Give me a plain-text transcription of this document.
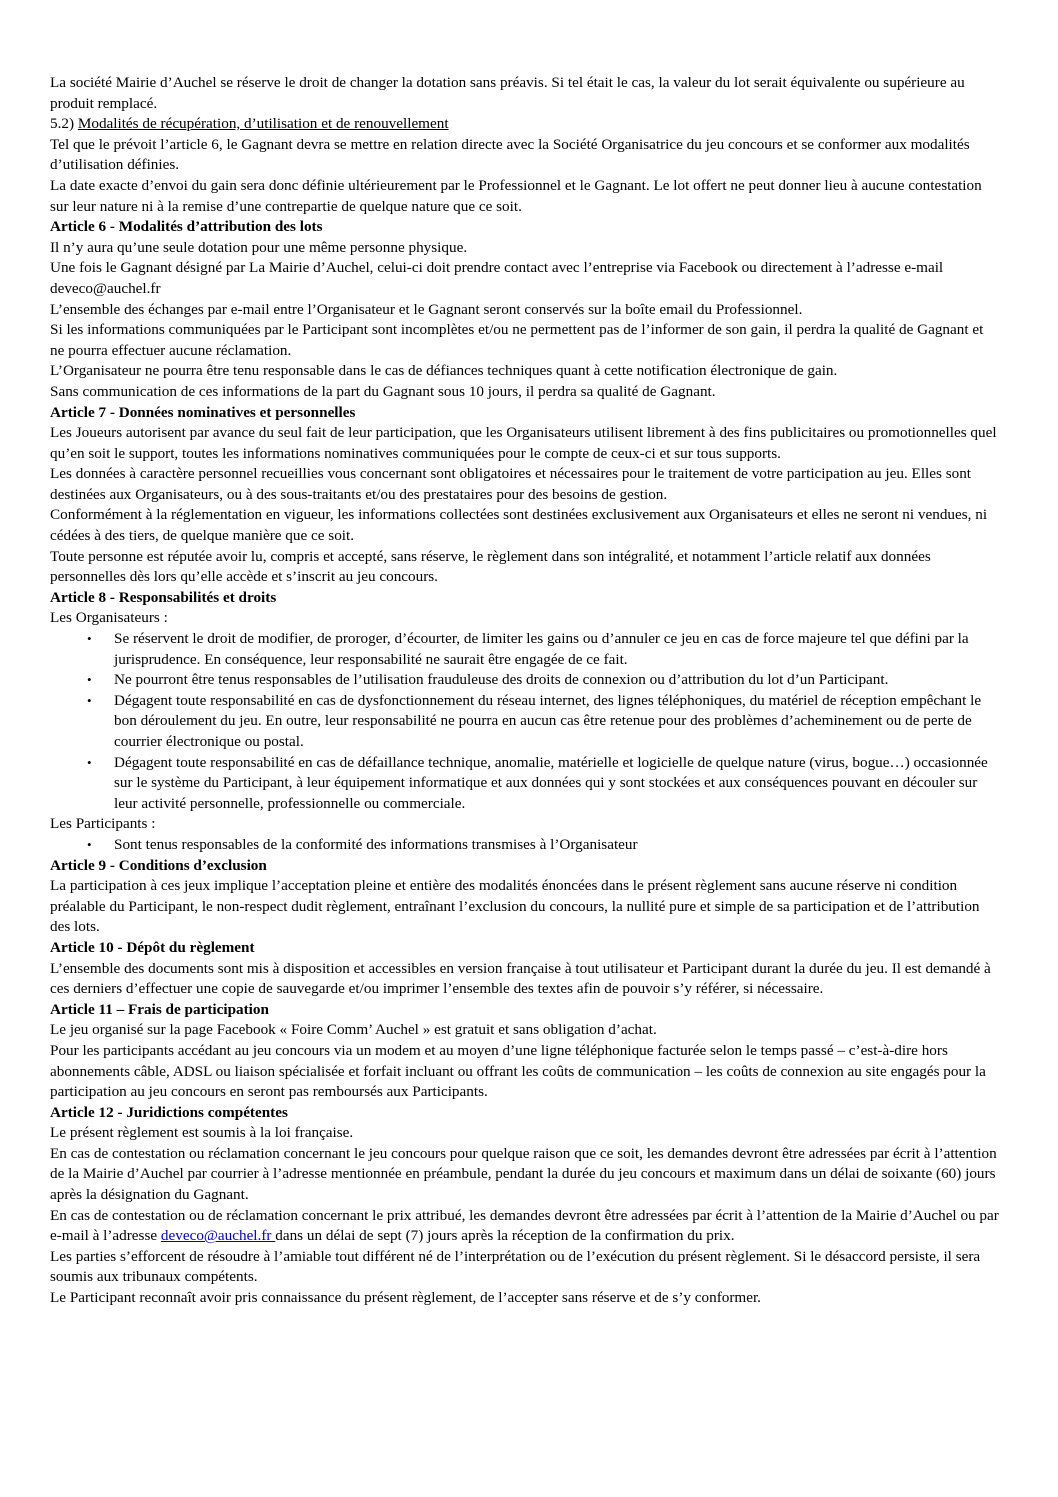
La société Mairie d’Auchel se réserve le droit de changer la dotation sans préavis. Si tel était le cas, la valeur du lot serait équivalente ou supérieure au produit remplacé.

5.2) Modalités de récupération, d’utilisation et de renouvellement

Tel que le prévoit l’article 6, le Gagnant devra se mettre en relation directe avec la Société Organisatrice du jeu concours et se conformer aux modalités d’utilisation définies.

La date exacte d’envoi du gain sera donc définie ultérieurement par le Professionnel et le Gagnant. Le lot offert ne peut donner lieu à aucune contestation sur leur nature ni à la remise d’une contrepartie de quelque nature que ce soit.

Article 6 - Modalités d’attribution des lots

Il n’y aura qu’une seule dotation pour une même personne physique.

Une fois le Gagnant désigné par La Mairie d’Auchel, celui-ci doit prendre contact avec l’entreprise via Facebook ou directement à l’adresse e-mail deveco@auchel.fr

L’ensemble des échanges par e-mail entre l’Organisateur et le Gagnant seront conservés sur la boîte email du Professionnel.

Si les informations communiquées par le Participant sont incomplètes et/ou ne permettent pas de l’informer de son gain, il perdra la qualité de Gagnant et ne pourra effectuer aucune réclamation.

L’Organisateur ne pourra être tenu responsable dans le cas de défiances techniques quant à cette notification électronique de gain.

Sans communication de ces informations de la part du Gagnant sous 10 jours, il perdra sa qualité de Gagnant.

Article 7 - Données nominatives et personnelles

Les Joueurs autorisent par avance du seul fait de leur participation, que les Organisateurs utilisent librement à des fins publicitaires ou promotionnelles quel qu’en soit le support, toutes les informations nominatives communiquées pour le compte de ceux-ci et sur tous supports.

Les données à caractère personnel recueillies vous concernant sont obligatoires et nécessaires pour le traitement de votre participation au jeu. Elles sont destinées aux Organisateurs, ou à des sous-traitants et/ou des prestataires pour des besoins de gestion.

Conformément à la réglementation en vigueur, les informations collectées sont destinées exclusivement aux Organisateurs et elles ne seront ni vendues, ni cédées à des tiers, de quelque manière que ce soit.

Toute personne est réputée avoir lu, compris et accepté, sans réserve, le règlement dans son intégralité, et notamment l’article relatif aux données personnelles dès lors qu’elle accède et s’inscrit au jeu concours.

Article 8 - Responsabilités et droits

Les Organisateurs :

• Se réservent le droit de modifier, de proroger, d’écourter, de limiter les gains ou d’annuler ce jeu en cas de force majeure tel que défini par la jurisprudence. En conséquence, leur responsabilité ne saurait être engagée de ce fait.
• Ne pourront être tenus responsables de l’utilisation frauduleuse des droits de connexion ou d’attribution du lot d’un Participant.
• Dégagent toute responsabilité en cas de dysfonctionnement du réseau internet, des lignes téléphoniques, du matériel de réception empêchant le bon déroulement du jeu. En outre, leur responsabilité ne pourra en aucun cas être retenue pour des problèmes d’acheminement ou de perte de courrier électronique ou postal.
• Dégagent toute responsabilité en cas de défaillance technique, anomalie, matérielle et logicielle de quelque nature (virus, bogue…) occasionnée sur le système du Participant, à leur équipement informatique et aux données qui y sont stockées et aux conséquences pouvant en découler sur leur activité personnelle, professionnelle ou commerciale.

Les Participants :

• Sont tenus responsables de la conformité des informations transmises à l’Organisateur

Article 9 - Conditions d’exclusion

La participation à ces jeux implique l’acceptation pleine et entière des modalités énoncées dans le présent règlement sans aucune réserve ni condition préalable du Participant, le non-respect dudit règlement, entraînant l’exclusion du concours, la nullité pure et simple de sa participation et de l’attribution des lots.

Article 10 - Dépôt du règlement

L’ensemble des documents sont mis à disposition et accessibles en version française à tout utilisateur et Participant durant la durée du jeu. Il est demandé à ces derniers d’effectuer une copie de sauvegarde et/ou imprimer l’ensemble des textes afin de pouvoir s’y référer, si nécessaire.

Article 11 – Frais de participation

Le jeu organisé sur la page Facebook « Foire Comm’ Auchel » est gratuit et sans obligation d’achat.

Pour les participants accédant au jeu concours via un modem et au moyen d’une ligne téléphonique facturée selon le temps passé – c’est-à-dire hors abonnements câble, ADSL ou liaison spécialisée et forfait incluant ou offrant les coûts de communication – les coûts de connexion au site engagés pour la participation au jeu concours en seront pas remboursés aux Participants.

Article 12 - Juridictions compétentes

Le présent règlement est soumis à la loi française.

En cas de contestation ou réclamation concernant le jeu concours pour quelque raison que ce soit, les demandes devront être adressées par écrit à l’attention de la Mairie d’Auchel par courrier à l’adresse mentionnée en préambule, pendant la durée du jeu concours et maximum dans un délai de soixante (60) jours après la désignation du Gagnant.

En cas de contestation ou de réclamation concernant le prix attribué, les demandes devront être adressées par écrit à l’attention de la Mairie d’Auchel ou par e-mail à l’adresse deveco@auchel.fr dans un délai de sept (7) jours après la réception de la confirmation du prix.

Les parties s’efforcent de résoudre à l’amiable tout différent né de l’interprétation ou de l’exécution du présent règlement. Si le désaccord persiste, il sera soumis aux tribunaux compétents.

Le Participant reconnaît avoir pris connaissance du présent règlement, de l’accepter sans réserve et de s’y conformer.
